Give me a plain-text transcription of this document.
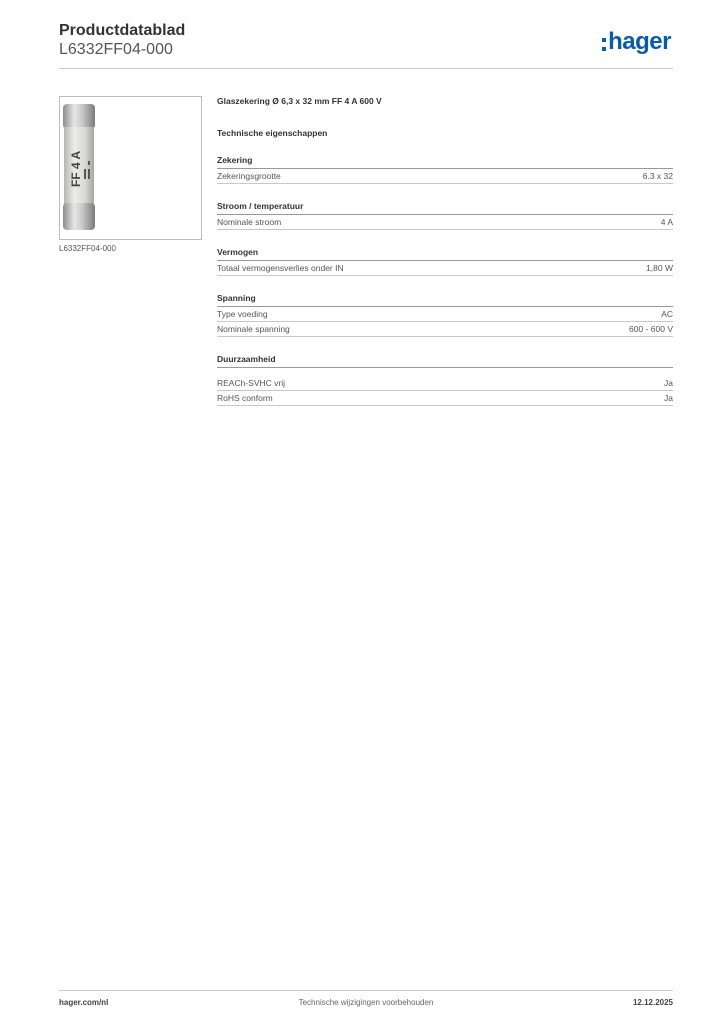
Productdatablad
L6332FF04-000	hager
FF 4 A
L6332FF04-000
Glaszekering Ø 6,3 x 32 mm FF 4 A 600 V
Technische eigenschappen
Zekering
Zekeringsgrootte	6.3 x 32
Stroom / temperatuur
Nominale stroom	4 A
Vermogen
Totaal vermogensverlies onder IN	1,80 W
Spanning
Type voeding	AC
Nominale spanning	600 - 600 V
Duurzaamheid
REACh-SVHC vrij	Ja
RoHS conform	Ja
hager.com/nl	Technische wijzigingen voorbehouden	12.12.2025
